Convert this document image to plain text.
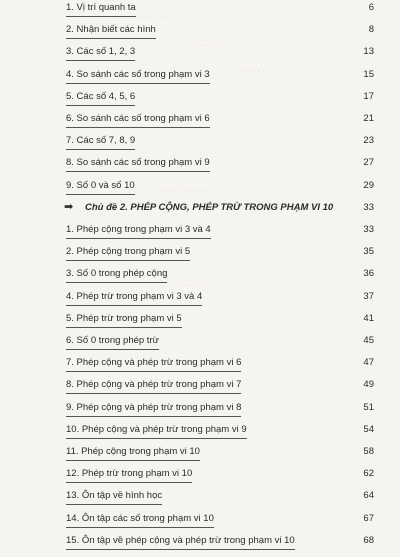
· · · · · · · · · · ·
· · · · · · · · · ·
· · · · · · · · ·
· · · · · · · · · · · · ·
· · · · · · · ·
1. Vị trí quanh ta	6
2. Nhận biết các hình	8
3. Các số 1, 2, 3	13
4. So sánh các số trong phạm vi 3	15
5. Các số 4, 5, 6	17
6. So sánh các số trong phạm vi 6	21
7. Các số 7, 8, 9	23
8. So sánh các số trong phạm vi 9	27
9. Số 0 và số 10	29
➡ Chủ đề 2. PHÉP CỘNG, PHÉP TRỪ TRONG PHẠM VI 10	33
1. Phép cộng trong phạm vi 3 và 4	33
2. Phép cộng trong phạm vi 5	35
3. Số 0 trong phép cộng	36
4. Phép trừ trong phạm vi 3 và 4	37
5. Phép trừ trong phạm vi 5	41
6. Số 0 trong phép trừ	45
7. Phép cộng và phép trừ trong phạm vi 6	47
8. Phép cộng và phép trừ trong phạm vi 7	49
9. Phép cộng và phép trừ trong phạm vi 8	51
10. Phép cộng và phép trừ trong phạm vi 9	54
11. Phép cộng trong phạm vi 10	58
12. Phép trừ trong phạm vi 10	62
13. Ôn tập về hình học	64
14. Ôn tập các số trong phạm vi 10	67
15. Ôn tập về phép cộng và phép trừ trong phạm vi 10	68
